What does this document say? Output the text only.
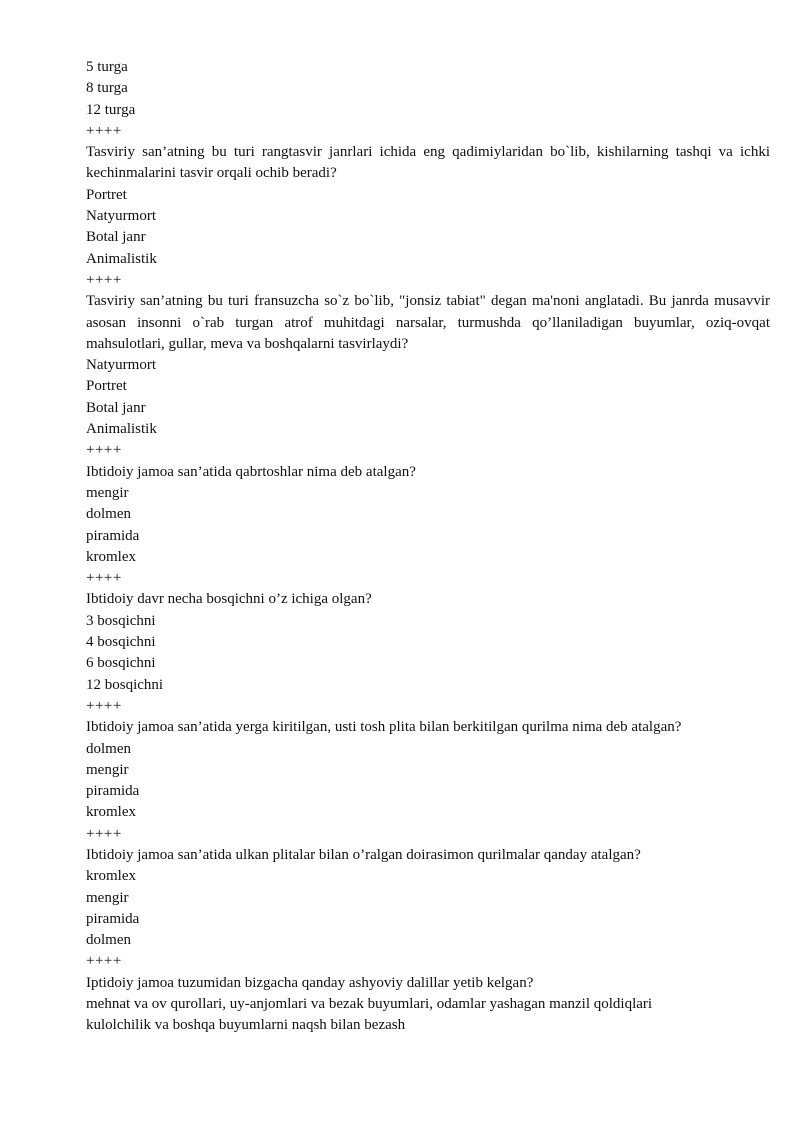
5 turga
8 turga
12 turga
++++
Tasviriy san’atning bu turi rangtasvir janrlari ichida eng qadimiylaridan bo`lib, kishilarning tashqi va ichki kechinmalarini tasvir orqali ochib beradi?
Portret
Natyurmort
Botal janr
Animalistik
++++
Tasviriy san’atning bu turi fransuzcha so`z bo`lib, "jonsiz tabiat" degan ma'noni anglatadi. Bu janrda musavvir asosan insonni o`rab turgan atrof muhitdagi narsalar, turmushda qo’llaniladigan buyumlar, oziq-ovqat mahsulotlari, gullar, meva va boshqalarni tasvirlaydi?
Natyurmort
Portret
Botal janr
Animalistik
++++
Ibtidoiy jamoa san’atida qabrtoshlar nima deb atalgan?
mengir
dolmen
piramida
kromlex
++++
Ibtidoiy davr necha bosqichni o’z ichiga olgan?
3 bosqichni
4 bosqichni
6 bosqichni
12 bosqichni
++++
Ibtidoiy jamoa san’atida yerga kiritilgan, usti tosh plita bilan berkitilgan qurilma nima deb atalgan?
dolmen
mengir
piramida
kromlex
++++
Ibtidoiy jamoa san’atida ulkan plitalar bilan o’ralgan doirasimon qurilmalar qanday atalgan?
kromlex
mengir
piramida
dolmen
++++
Iptidoiy jamoa tuzumidan bizgacha qanday ashyoviy dalillar yetib kelgan?
mehnat va ov qurollari, uy-anjomlari va bezak buyumlari, odamlar yashagan manzil qoldiqlari
kulolchilik va boshqa buyumlarni naqsh bilan bezash
